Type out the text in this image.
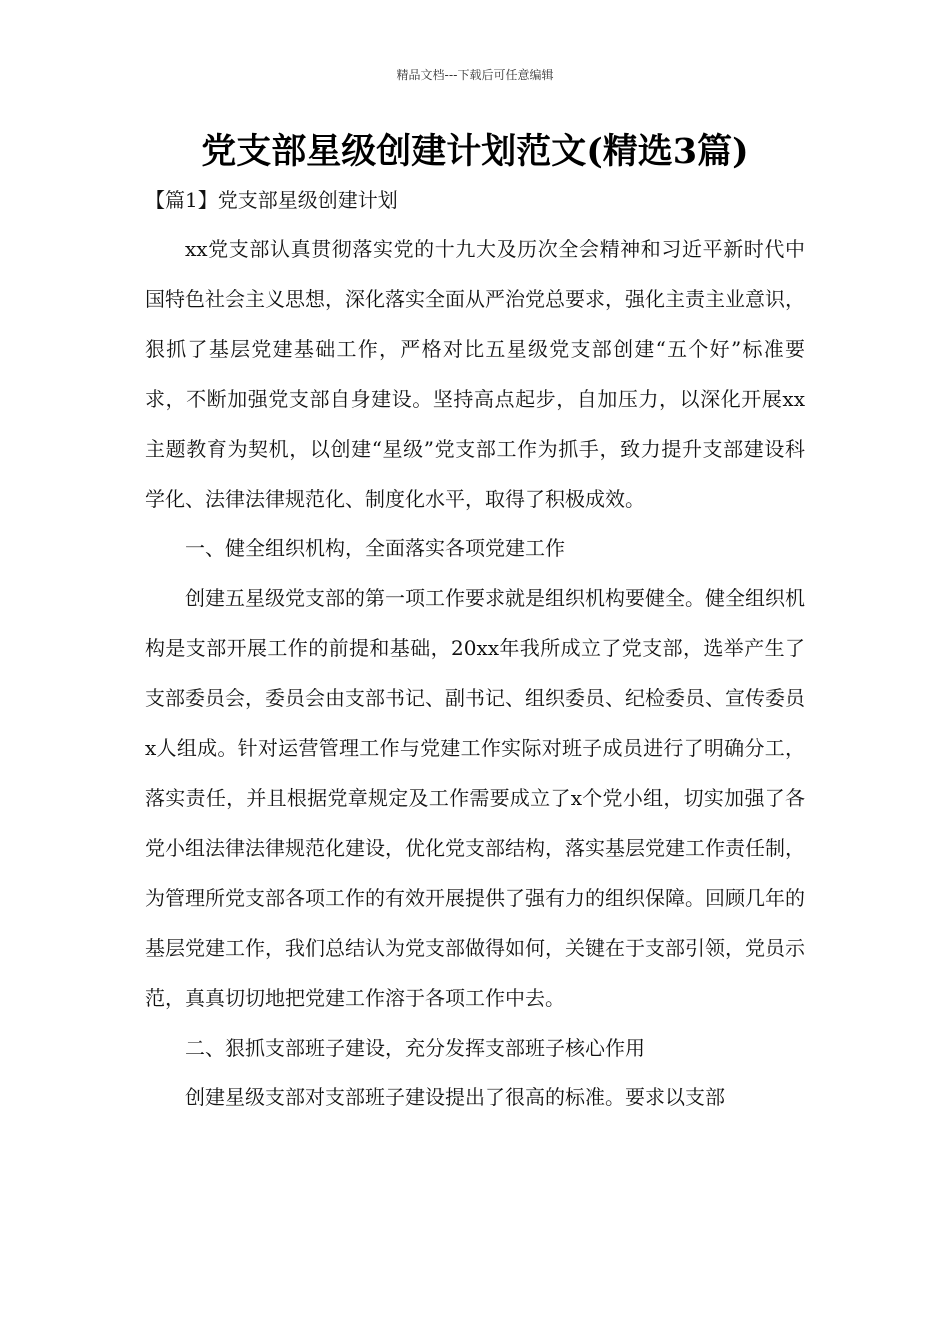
精品文档---下载后可任意编辑
党支部星级创建计划范文(精选3篇)

【篇1】党支部星级创建计划

xx党支部认真贯彻落实党的十九大及历次全会精神和习近平新时代中国特色社会主义思想，深化落实全面从严治党总要求，强化主责主业意识，狠抓了基层党建基础工作，严格对比五星级党支部创建“五个好”标准要求，不断加强党支部自身建设。坚持高点起步，自加压力，以深化开展xx主题教育为契机，以创建“星级”党支部工作为抓手，致力提升支部建设科学化、法律法律规范化、制度化水平，取得了积极成效。

一、健全组织机构，全面落实各项党建工作

创建五星级党支部的第一项工作要求就是组织机构要健全。健全组织机构是支部开展工作的前提和基础，20xx年我所成立了党支部，选举产生了支部委员会，委员会由支部书记、副书记、组织委员、纪检委员、宣传委员x人组成。针对运营管理工作与党建工作实际对班子成员进行了明确分工，落实责任，并且根据党章规定及工作需要成立了x个党小组，切实加强了各党小组法律法律规范化建设，优化党支部结构，落实基层党建工作责任制，为管理所党支部各项工作的有效开展提供了强有力的组织保障。回顾几年的基层党建工作，我们总结认为党支部做得如何，关键在于支部引领，党员示范，真真切切地把党建工作溶于各项工作中去。

二、狠抓支部班子建设，充分发挥支部班子核心作用

创建星级支部对支部班子建设提出了很高的标准。要求以支部
